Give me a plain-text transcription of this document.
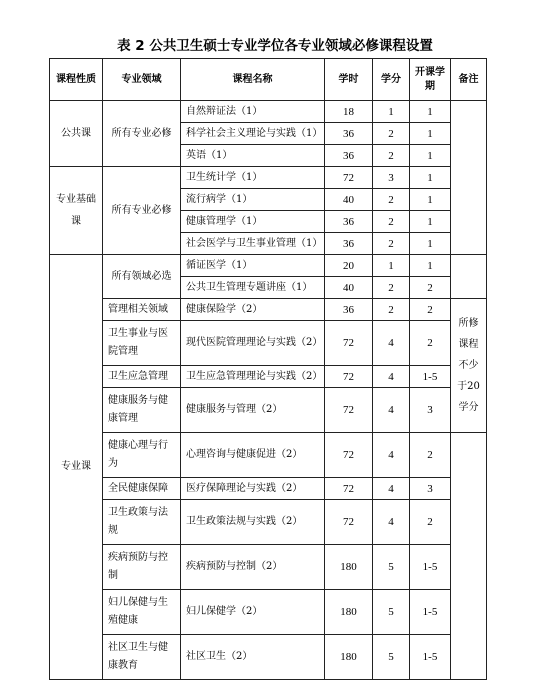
表 2 公共卫生硕士专业学位各专业领域必修课程设置
课程性质	专业领域	课程名称	学时	学分	开课学期	备注
公共课	所有专业必修	自然辩证法（1）	18	1	1	
		科学社会主义理论与实践（1）	36	2	1	
		英语（1）	36	2	1	
专业基础课	所有专业必修	卫生统计学（1）	72	3	1	
		流行病学（1）	40	2	1	
		健康管理学（1）	36	2	1	
		社会医学与卫生事业管理（1）	36	2	1	
专业课	所有领域必选	循证医学（1）	20	1	1	
		公共卫生管理专题讲座（1）	40	2	2	
	管理相关领域	健康保险学（2）	36	2	2	所修课程不少于20学分
	卫生事业与医院管理	现代医院管理理论与实践（2）	72	4	2	
	卫生应急管理	卫生应急管理理论与实践（2）	72	4	1-5	
	健康服务与健康管理	健康服务与管理（2）	72	4	3	
	健康心理与行为	心理咨询与健康促进（2）	72	4	2	
	全民健康保障	医疗保障理论与实践（2）	72	4	3	
	卫生政策与法规	卫生政策法规与实践（2）	72	4	2	
	疾病预防与控制	疾病预防与控制（2）	180	5	1-5	
	妇儿保健与生殖健康	妇儿保健学（2）	180	5	1-5	
	社区卫生与健康教育	社区卫生（2）	180	5	1-5	
